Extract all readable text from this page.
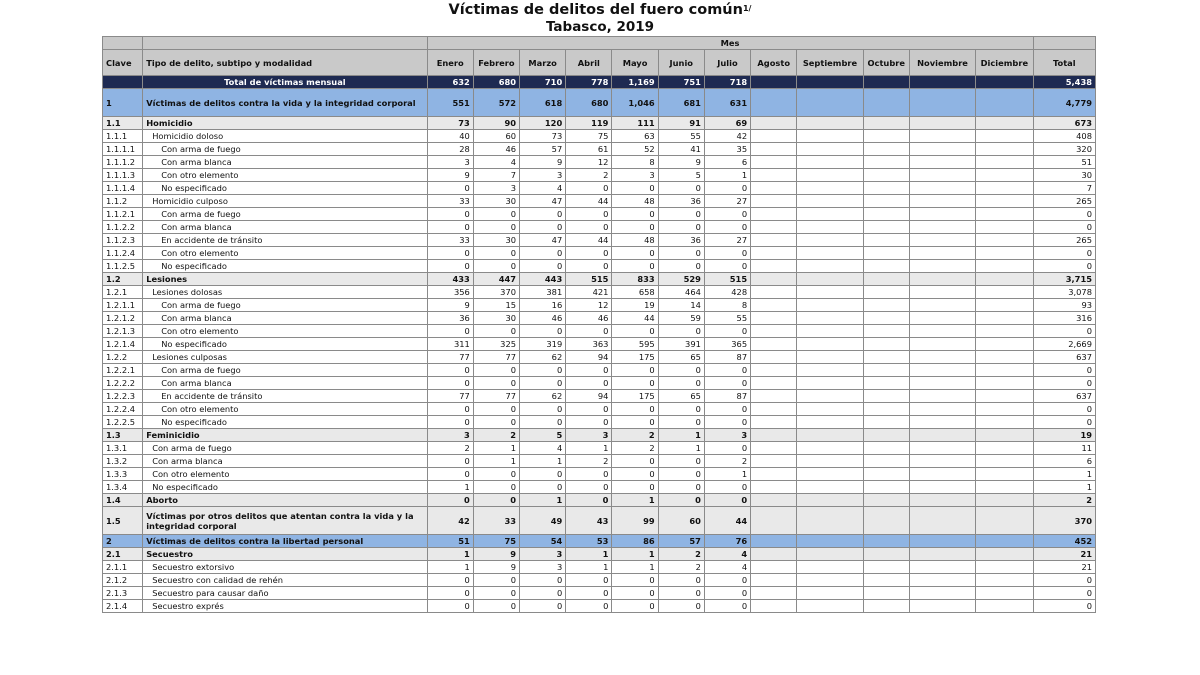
Víctimas de delitos del fuero común$^{1/}$
Tabasco, 2019
		Mes												
Clave	Tipo de delito, subtipo y modalidad	Enero	Febrero	Marzo	Abril	Mayo	Junio	Julio	Agosto	Septiembre	Octubre	Noviembre	Diciembre	Total
	Total de víctimas mensual	632	680	710	778	1,169	751	718						5,438
1	Víctimas de delitos contra la vida y la integridad corporal	551	572	618	680	1,046	681	631						4,779
1.1	Homicidio	73	90	120	119	111	91	69						673
1.1.1	Homicidio doloso	40	60	73	75	63	55	42						408
1.1.1.1	Con arma de fuego	28	46	57	61	52	41	35						320
1.1.1.2	Con arma blanca	3	4	9	12	8	9	6						51
1.1.1.3	Con otro elemento	9	7	3	2	3	5	1						30
1.1.1.4	No especificado	0	3	4	0	0	0	0						7
1.1.2	Homicidio culposo	33	30	47	44	48	36	27						265
1.1.2.1	Con arma de fuego	0	0	0	0	0	0	0						0
1.1.2.2	Con arma blanca	0	0	0	0	0	0	0						0
1.1.2.3	En accidente de tránsito	33	30	47	44	48	36	27						265
1.1.2.4	Con otro elemento	0	0	0	0	0	0	0						0
1.1.2.5	No especificado	0	0	0	0	0	0	0						0
1.2	Lesiones	433	447	443	515	833	529	515						3,715
1.2.1	Lesiones dolosas	356	370	381	421	658	464	428						3,078
1.2.1.1	Con arma de fuego	9	15	16	12	19	14	8						93
1.2.1.2	Con arma blanca	36	30	46	46	44	59	55						316
1.2.1.3	Con otro elemento	0	0	0	0	0	0	0						0
1.2.1.4	No especificado	311	325	319	363	595	391	365						2,669
1.2.2	Lesiones culposas	77	77	62	94	175	65	87						637
1.2.2.1	Con arma de fuego	0	0	0	0	0	0	0						0
1.2.2.2	Con arma blanca	0	0	0	0	0	0	0						0
1.2.2.3	En accidente de tránsito	77	77	62	94	175	65	87						637
1.2.2.4	Con otro elemento	0	0	0	0	0	0	0						0
1.2.2.5	No especificado	0	0	0	0	0	0	0						0
1.3	Feminicidio	3	2	5	3	2	1	3						19
1.3.1	Con arma de fuego	2	1	4	1	2	1	0						11
1.3.2	Con arma blanca	0	1	1	2	0	0	2						6
1.3.3	Con otro elemento	0	0	0	0	0	0	1						1
1.3.4	No especificado	1	0	0	0	0	0	0						1
1.4	Aborto	0	0	1	0	1	0	0						2
1.5	Víctimas por otros delitos que atentan contra la vida y la integridad corporal	42	33	49	43	99	60	44						370
2	Víctimas de delitos contra la libertad personal	51	75	54	53	86	57	76						452
2.1	Secuestro	1	9	3	1	1	2	4						21
2.1.1	Secuestro extorsivo	1	9	3	1	1	2	4						21
2.1.2	Secuestro con calidad de rehén	0	0	0	0	0	0	0						0
2.1.3	Secuestro para causar daño	0	0	0	0	0	0	0						0
2.1.4	Secuestro exprés	0	0	0	0	0	0	0						0
